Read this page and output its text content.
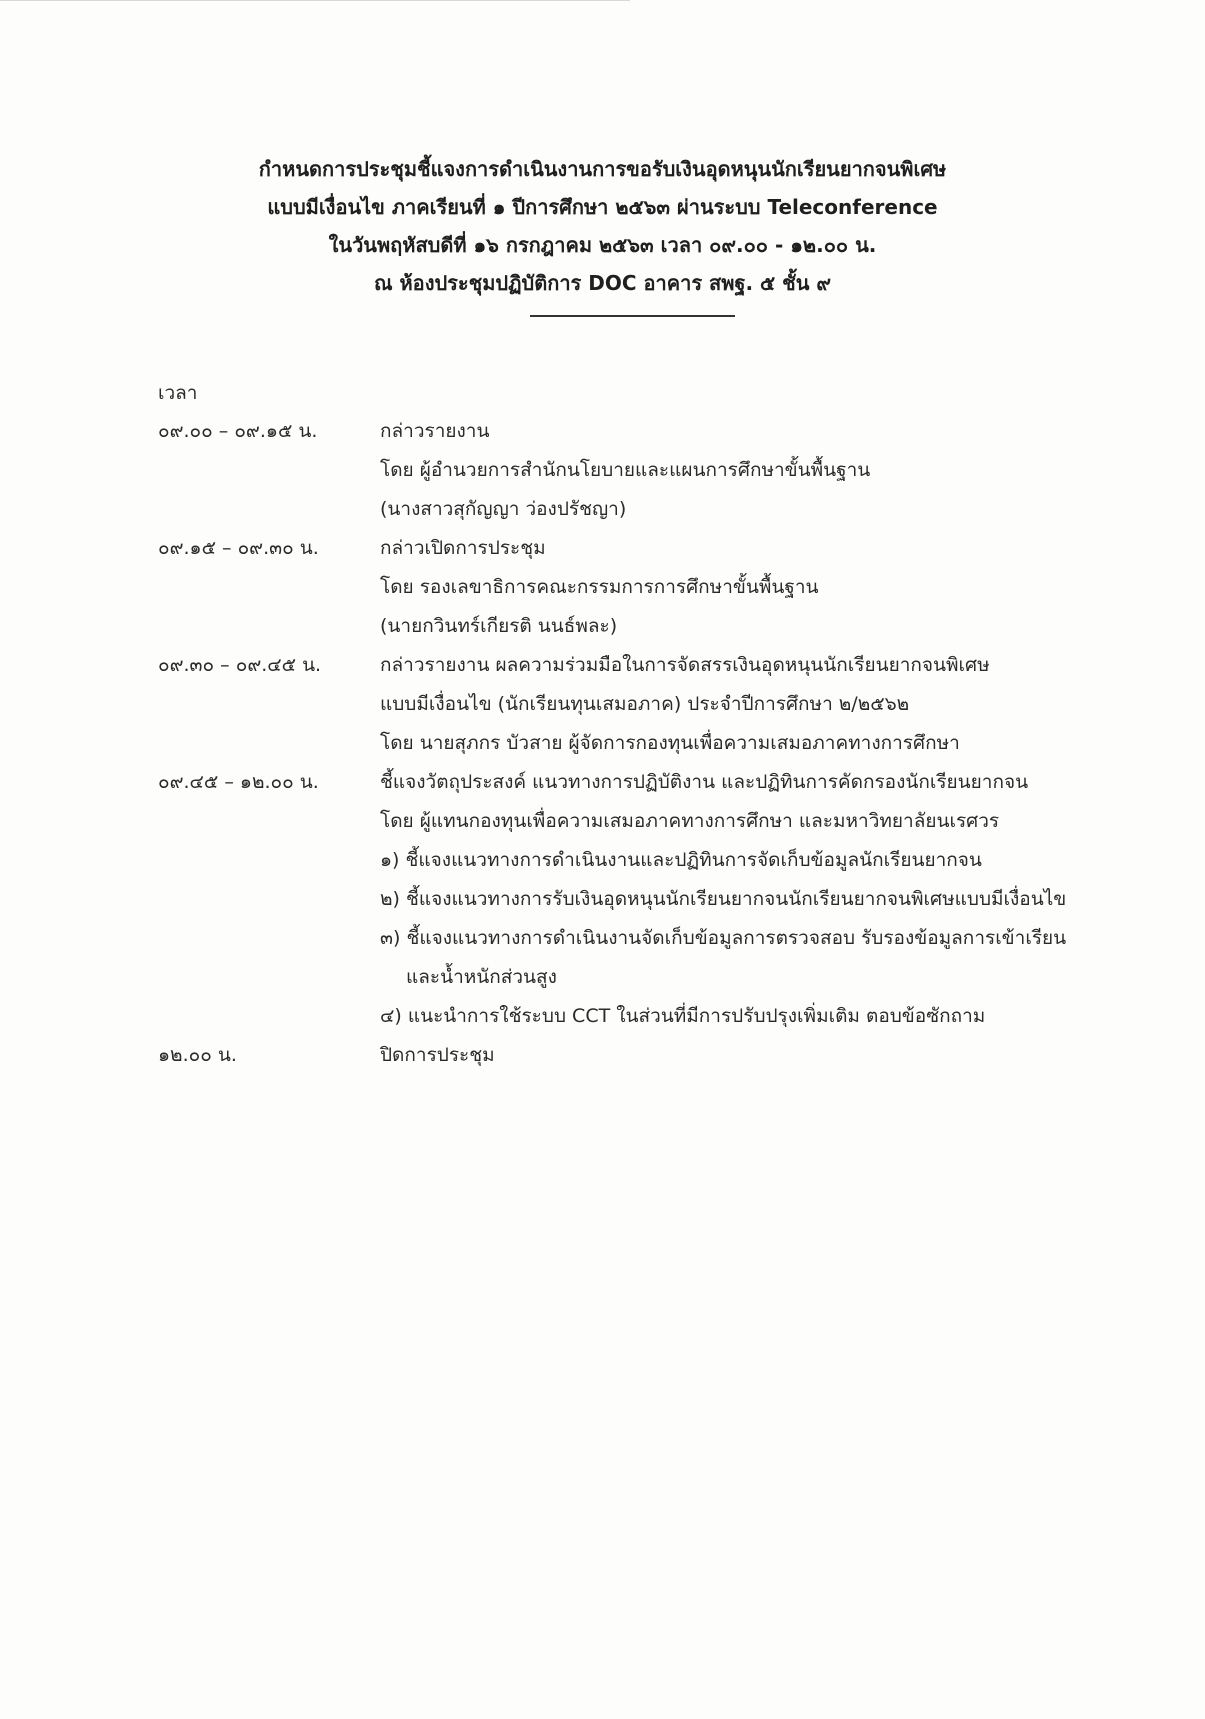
กำหนดการประชุมชี้แจงการดำเนินงานการขอรับเงินอุดหนุนนักเรียนยากจนพิเศษ
แบบมีเงื่อนไข ภาคเรียนที่ ๑ ปีการศึกษา ๒๕๖๓ ผ่านระบบ Teleconference
ในวันพฤหัสบดีที่ ๑๖ กรกฎาคม ๒๕๖๓ เวลา ๐๙.๐๐ - ๑๒.๐๐ น.
ณ ห้องประชุมปฏิบัติการ DOC อาคาร สพฐ. ๕ ชั้น ๙
เวลา
๐๙.๐๐ – ๐๙.๑๕ น.	กล่าวรายงาน
โดย ผู้อำนวยการสำนักนโยบายและแผนการศึกษาขั้นพื้นฐาน
(นางสาวสุกัญญา ว่องปรัชญา)
๐๙.๑๕ – ๐๙.๓๐ น.	กล่าวเปิดการประชุม
โดย รองเลขาธิการคณะกรรมการการศึกษาขั้นพื้นฐาน
(นายกวินทร์เกียรติ นนธ์พละ)
๐๙.๓๐ – ๐๙.๔๕ น.	กล่าวรายงาน ผลความร่วมมือในการจัดสรรเงินอุดหนุนนักเรียนยากจนพิเศษ
แบบมีเงื่อนไข (นักเรียนทุนเสมอภาค) ประจำปีการศึกษา ๒/๒๕๖๒
โดย นายสุภกร บัวสาย ผู้จัดการกองทุนเพื่อความเสมอภาคทางการศึกษา
๐๙.๔๕ – ๑๒.๐๐ น.	ชี้แจงวัตถุประสงค์ แนวทางการปฏิบัติงาน และปฏิทินการคัดกรองนักเรียนยากจน
โดย ผู้แทนกองทุนเพื่อความเสมอภาคทางการศึกษา และมหาวิทยาลัยนเรศวร
๑) ชี้แจงแนวทางการดำเนินงานและปฏิทินการจัดเก็บข้อมูลนักเรียนยากจน
๒) ชี้แจงแนวทางการรับเงินอุดหนุนนักเรียนยากจนนักเรียนยากจนพิเศษแบบมีเงื่อนไข
๓) ชี้แจงแนวทางการดำเนินงานจัดเก็บข้อมูลการตรวจสอบ รับรองข้อมูลการเข้าเรียน
และน้ำหนักส่วนสูง
๔) แนะนำการใช้ระบบ CCT ในส่วนที่มีการปรับปรุงเพิ่มเติม ตอบข้อซักถาม
๑๒.๐๐ น.	ปิดการประชุม
